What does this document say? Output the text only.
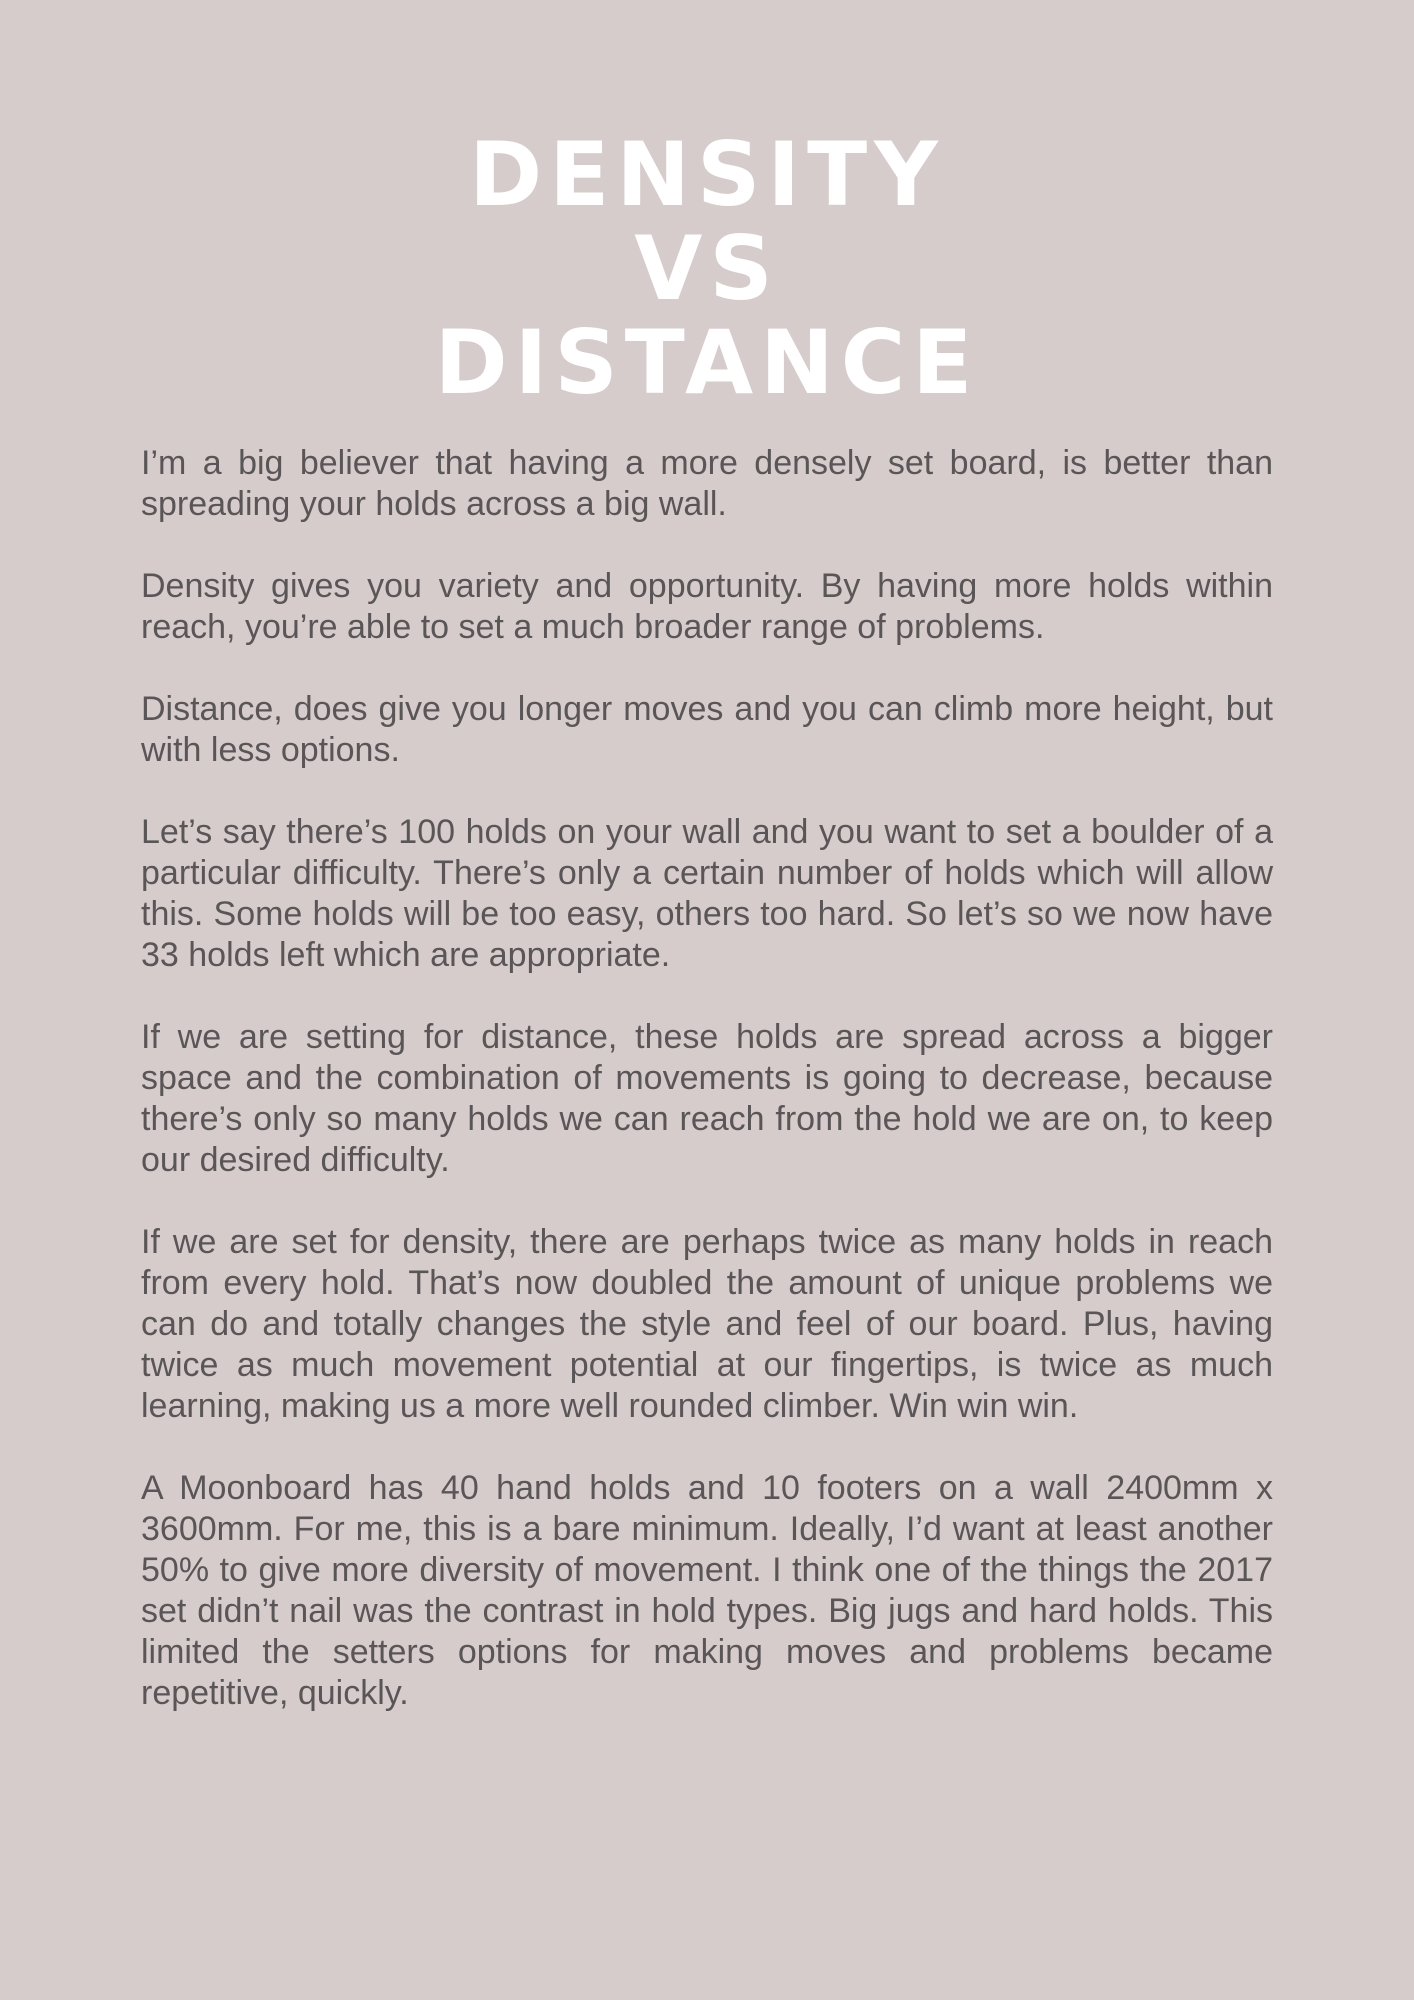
DENSITY
VS
DISTANCE

I’m a big believer that having a more densely set board, is better than spreading your holds across a big wall.

Density gives you variety and opportunity. By having more holds within reach, you’re able to set a much broader range of problems.

Distance, does give you longer moves and you can climb more height, but with less options.

Let’s say there’s 100 holds on your wall and you want to set a boulder of a particular difficulty. There’s only a certain number of holds which will allow this. Some holds will be too easy, others too hard. So let’s so we now have 33 holds left which are appropriate.

If we are setting for distance, these holds are spread across a bigger space and the combination of movements is going to decrease, because there’s only so many holds we can reach from the hold we are on, to keep our desired difficulty.

If we are set for density, there are perhaps twice as many holds in reach from every hold. That’s now doubled the amount of unique problems we can do and totally changes the style and feel of our board. Plus, having twice as much movement potential at our fingertips, is twice as much learning, making us a more well rounded climber. Win win win.

A Moonboard has 40 hand holds and 10 footers on a wall 2400mm x 3600mm. For me, this is a bare minimum. Ideally, I’d want at least another 50% to give more diversity of movement. I think one of the things the 2017 set didn’t nail was the contrast in hold types. Big jugs and hard holds. This limited the setters options for making moves and problems became repetitive, quickly.
